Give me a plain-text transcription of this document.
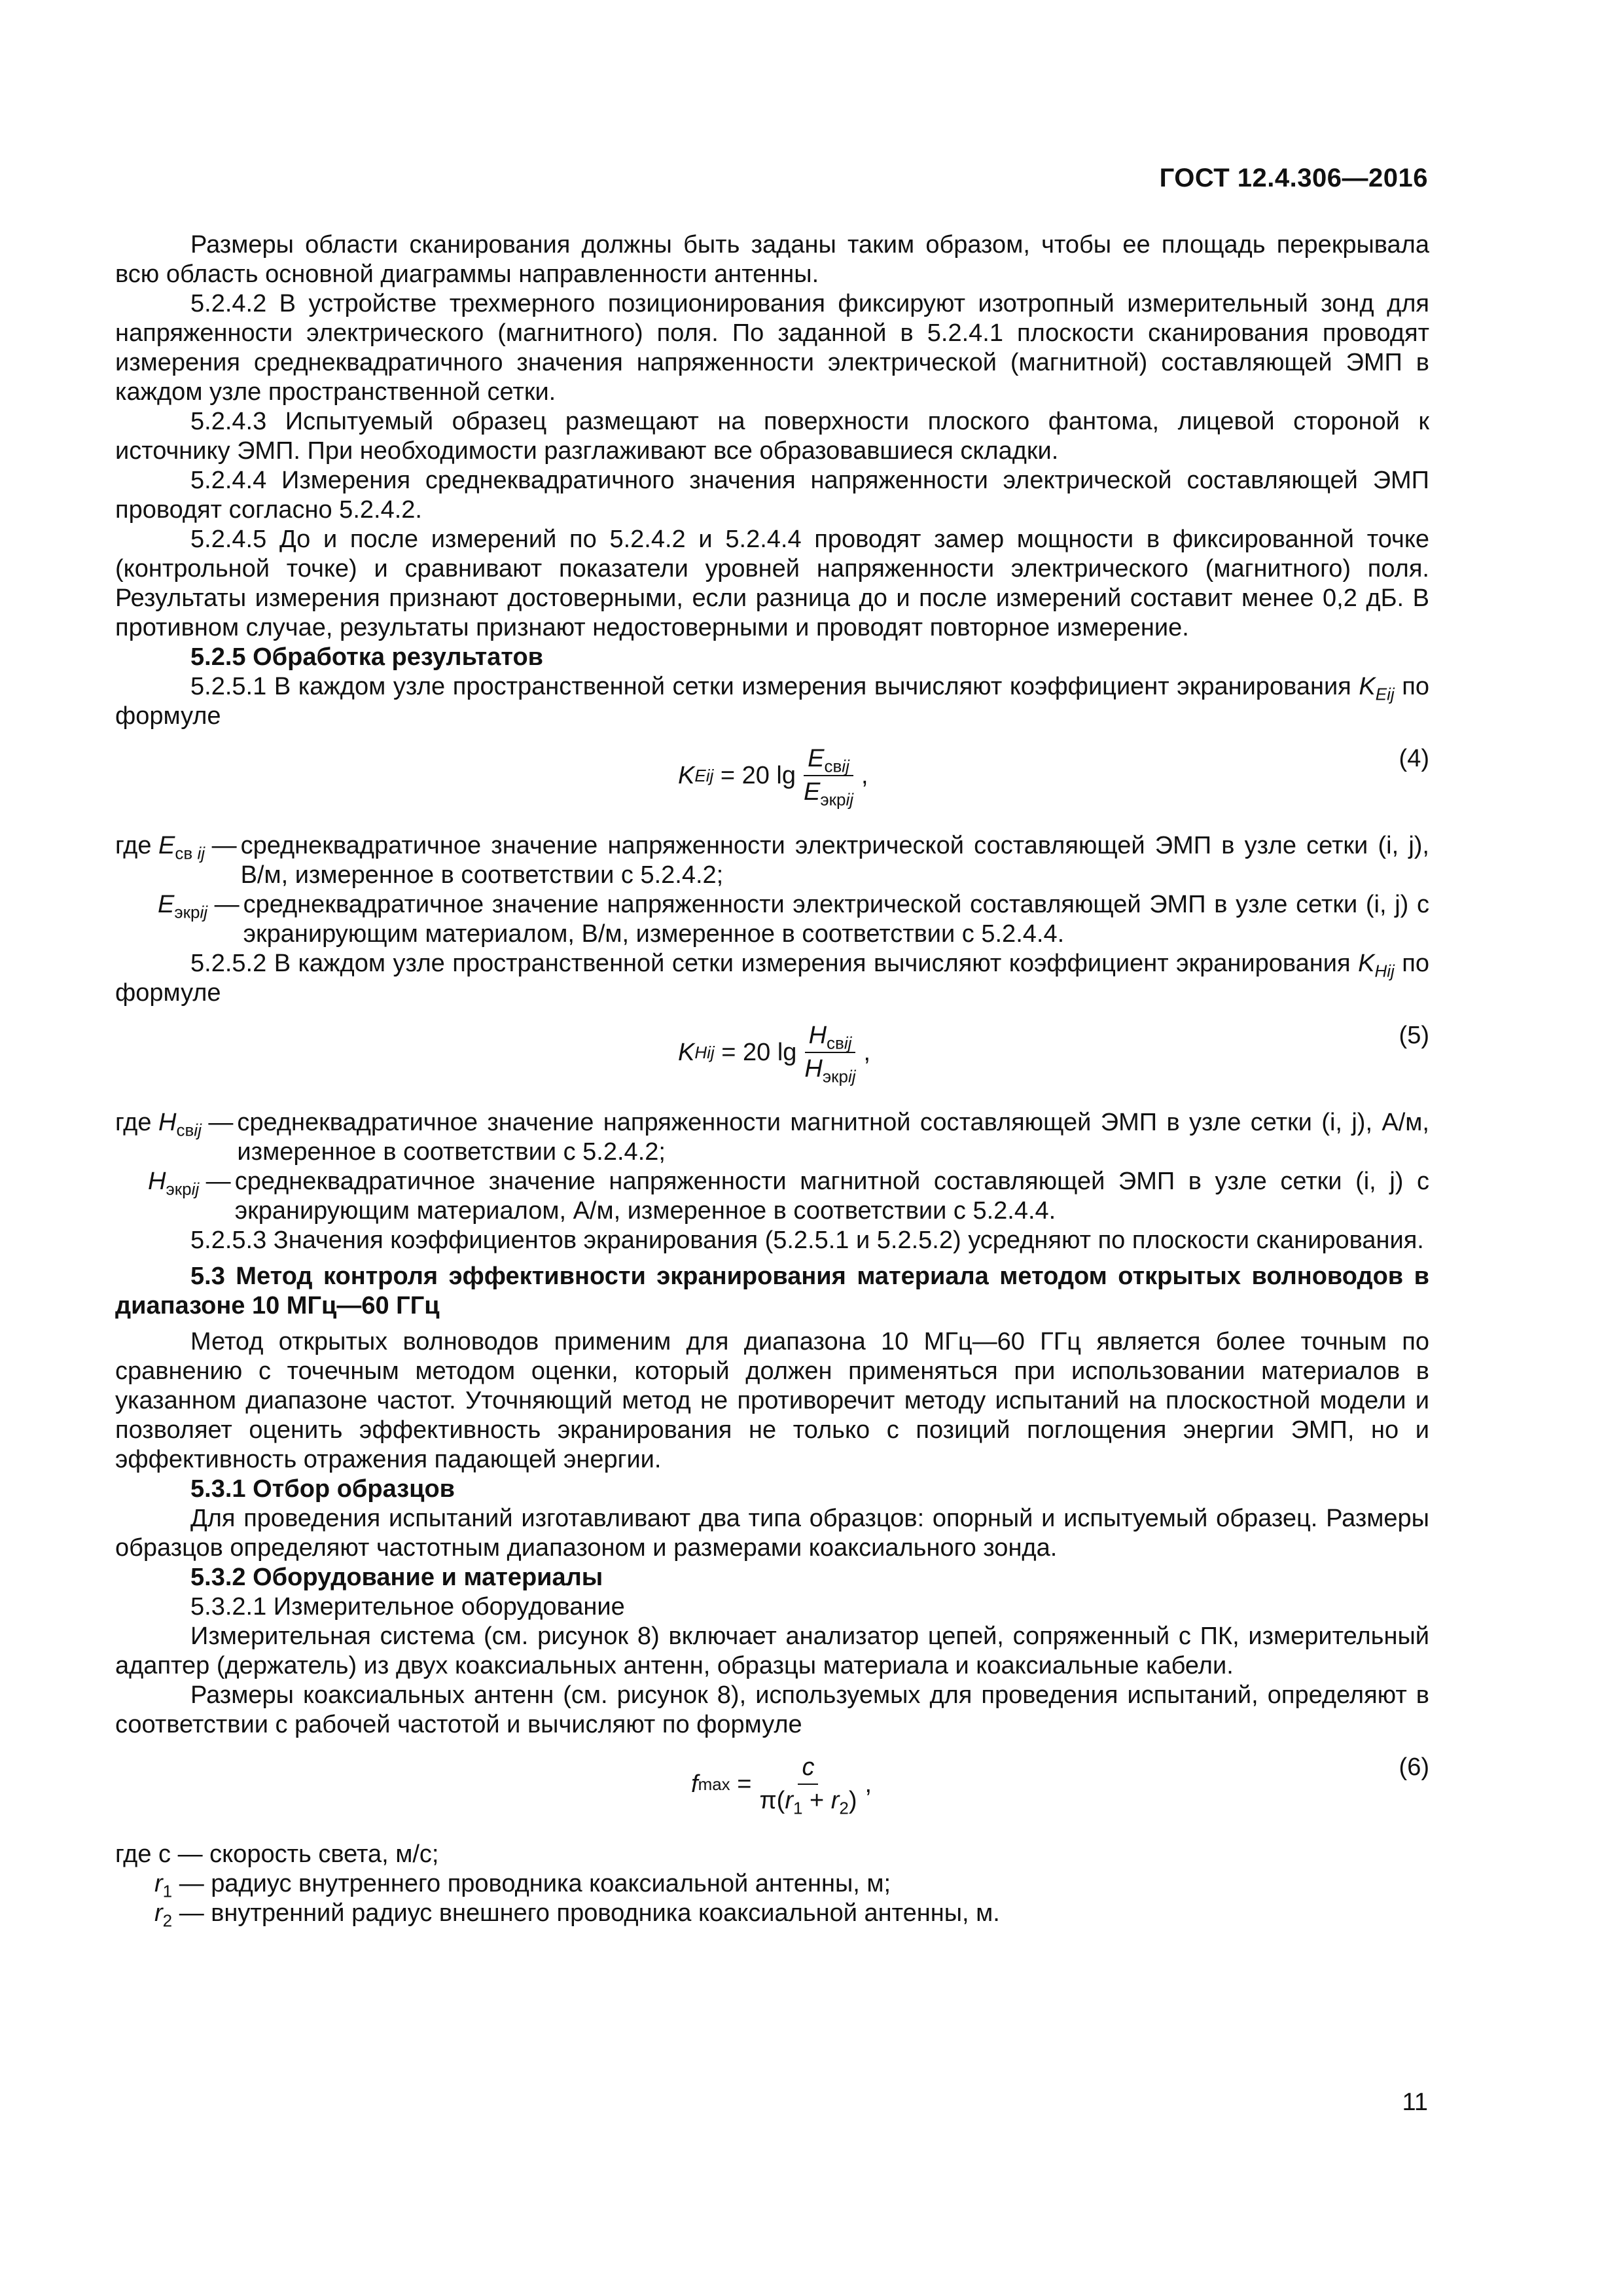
ГОСТ 12.4.306—2016

Размеры области сканирования должны быть заданы таким образом, чтобы ее площадь перекрывала всю область основной диаграммы направленности антенны.

5.2.4.2 В устройстве трехмерного позиционирования фиксируют изотропный измерительный зонд для напряженности электрического (магнитного) поля. По заданной в 5.2.4.1 плоскости сканирования проводят измерения среднеквадратичного значения напряженности электрической (магнитной) составляющей ЭМП в каждом узле пространственной сетки.

5.2.4.3 Испытуемый образец размещают на поверхности плоского фантома, лицевой стороной к источнику ЭМП. При необходимости разглаживают все образовавшиеся складки.

5.2.4.4 Измерения среднеквадратичного значения напряженности электрической составляющей ЭМП проводят согласно 5.2.4.2.

5.2.4.5 До и после измерений по 5.2.4.2 и 5.2.4.4 проводят замер мощности в фиксированной точке (контрольной точке) и сравнивают показатели уровней напряженности электрического (магнитного) поля. Результаты измерения признают достоверными, если разница до и после измерений составит менее 0,2 дБ. В противном случае, результаты признают недостоверными и проводят повторное измерение.

5.2.5 Обработка результатов

5.2.5.1 В каждом узле пространственной сетки измерения вычисляют коэффициент экранирования $K_{Eij}$ по формуле

K Eij
= 20 $\lg \frac{E_{свij}}{E_{экрij}}$ ,
(4)
где $E_{св ij}$ — среднеквадратичное значение напряженности электрической составляющей ЭМП в узле сетки (i, j), В/м, измеренное в соответствии с 5.2.4.2;
$E_{экрij}$ — среднеквадратичное значение напряженности электрической составляющей ЭМП в узле сетки (i, j) с экранирующим материалом, В/м, измеренное в соответствии с 5.2.4.4.

5.2.5.2 В каждом узле пространственной сетки измерения вычисляют коэффициент экранирования $K_{Hij}$ по формуле

K Hij
= 20 $\lg \frac{H_{свij}}{H_{экрij}}$ ,
(5)
где $H_{свij}$ — среднеквадратичное значение напряженности магнитной составляющей ЭМП в узле сетки (i, j), А/м, измеренное в соответствии с 5.2.4.2;
$H_{экрij}$ — среднеквадратичное значение напряженности магнитной составляющей ЭМП в узле сетки (i, j) с экранирующим материалом, А/м, измеренное в соответствии с 5.2.4.4.

5.2.5.3 Значения коэффициентов экранирования (5.2.5.1 и 5.2.5.2) усредняют по плоскости сканирования.

5.3 Метод контроля эффективности экранирования материала методом открытых волноводов в диапазоне 10 МГц—60 ГГц

Метод открытых волноводов применим для диапазона 10 МГц—60 ГГц является более точным по сравнению с точечным методом оценки, который должен применяться при использовании материалов в указанном диапазоне частот. Уточняющий метод не противоречит методу испытаний на плоскостной модели и позволяет оценить эффективность экранирования не только с позиций поглощения энергии ЭМП, но и эффективность отражения падающей энергии.

5.3.1 Отбор образцов

Для проведения испытаний изготавливают два типа образцов: опорный и испытуемый образец. Размеры образцов определяют частотным диапазоном и размерами коаксиального зонда.

5.3.2 Оборудование и материалы

5.3.2.1 Измерительное оборудование

Измерительная система (см. рисунок 8) включает анализатор цепей, сопряженный с ПК, измерительный адаптер (держатель) из двух коаксиальных антенн, образцы материала и коаксиальные кабели.

Размеры коаксиальных антенн (см. рисунок 8), используемых для проведения испытаний, определяют в соответствии с рабочей частотой и вычисляют по формуле

f $\max = \frac{c}{\pi(r_1 + r_2)}$ ,
(6)

где c — скорость света, м/с;

$r_1$ — радиус внутреннего проводника коаксиальной антенны, м;

$r_2$ — внутренний радиус внешнего проводника коаксиальной антенны, м.

11
